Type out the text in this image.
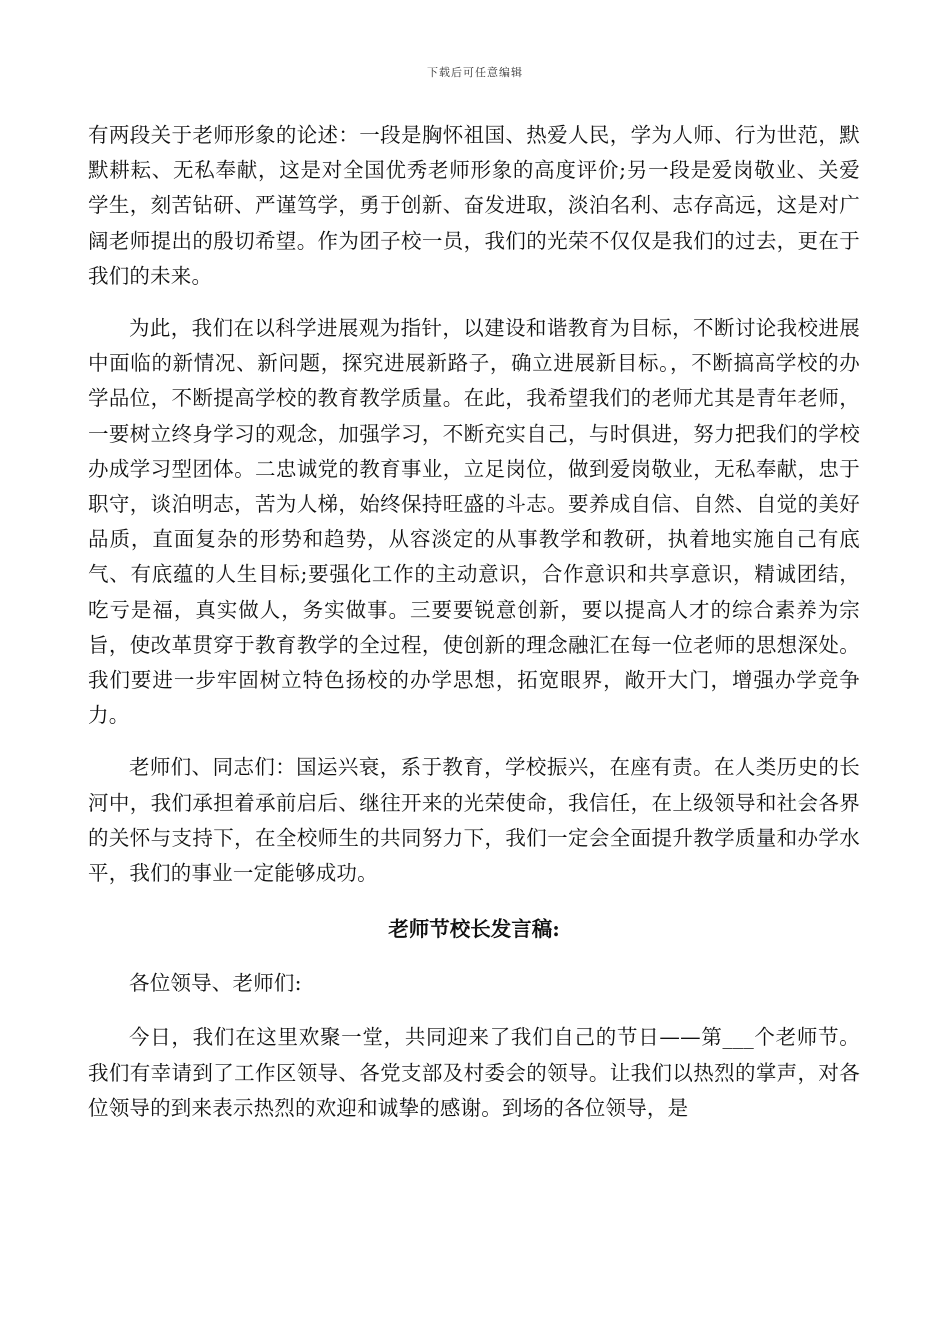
下载后可任意编辑

有两段关于老师形象的论述：一段是胸怀祖国、热爱人民，学为人师、行为世范，默默耕耘、无私奉献，这是对全国优秀老师形象的高度评价;另一段是爱岗敬业、关爱学生，刻苦钻研、严谨笃学，勇于创新、奋发进取，淡泊名利、志存高远，这是对广阔老师提出的殷切希望。作为团子校一员，我们的光荣不仅仅是我们的过去，更在于我们的未来。

为此，我们在以科学进展观为指针，以建设和谐教育为目标，不断讨论我校进展中面临的新情况、新问题，探究进展新路子，确立进展新目标。，不断搞高学校的办学品位，不断提高学校的教育教学质量。在此，我希望我们的老师尤其是青年老师，一要树立终身学习的观念，加强学习，不断充实自己，与时俱进，努力把我们的学校办成学习型团体。二忠诚党的教育事业，立足岗位，做到爱岗敬业，无私奉献，忠于职守，谈泊明志，苦为人梯，始终保持旺盛的斗志。要养成自信、自然、自觉的美好品质，直面复杂的形势和趋势，从容淡定的从事教学和教研，执着地实施自己有底气、有底蕴的人生目标;要强化工作的主动意识，合作意识和共享意识，精诚团结，吃亏是福，真实做人，务实做事。三要要锐意创新，要以提高人才的综合素养为宗旨，使改革贯穿于教育教学的全过程，使创新的理念融汇在每一位老师的思想深处。我们要进一步牢固树立特色扬校的办学思想，拓宽眼界，敞开大门，增强办学竞争力。

老师们、同志们：国运兴衰，系于教育，学校振兴，在座有责。在人类历史的长河中，我们承担着承前启后、继往开来的光荣使命，我信任，在上级领导和社会各界的关怀与支持下，在全校师生的共同努力下，我们一定会全面提升教学质量和办学水平，我们的事业一定能够成功。

老师节校长发言稿:

各位领导、老师们:

今日，我们在这里欢聚一堂，共同迎来了我们自己的节日——第___个老师节。我们有幸请到了工作区领导、各党支部及村委会的领导。让我们以热烈的掌声，对各位领导的到来表示热烈的欢迎和诚挚的感谢。到场的各位领导，是
